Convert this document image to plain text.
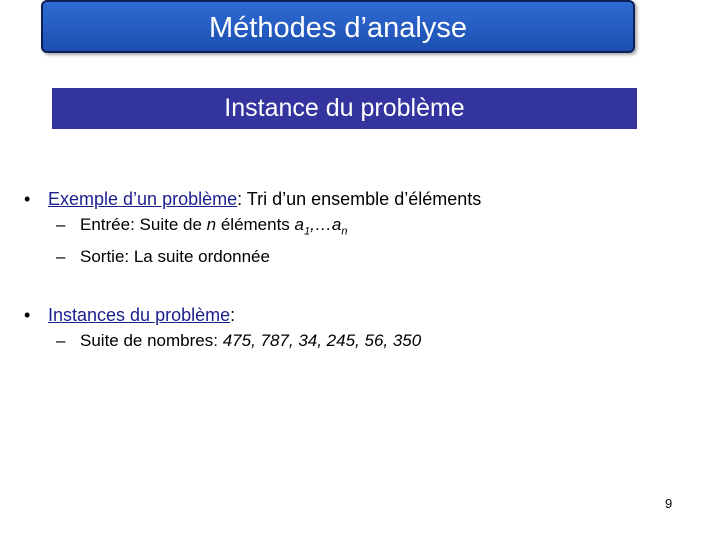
Méthodes d’analyse
Instance du problème
• Exemple d’un problème: Tri d’un ensemble d’éléments
– Entrée: Suite de n éléments $a_1,\dots a_n$
– Sortie: La suite ordonnée
• Instances du problème:
– Suite de nombres: 475, 787, 34, 245, 56, 350
9
